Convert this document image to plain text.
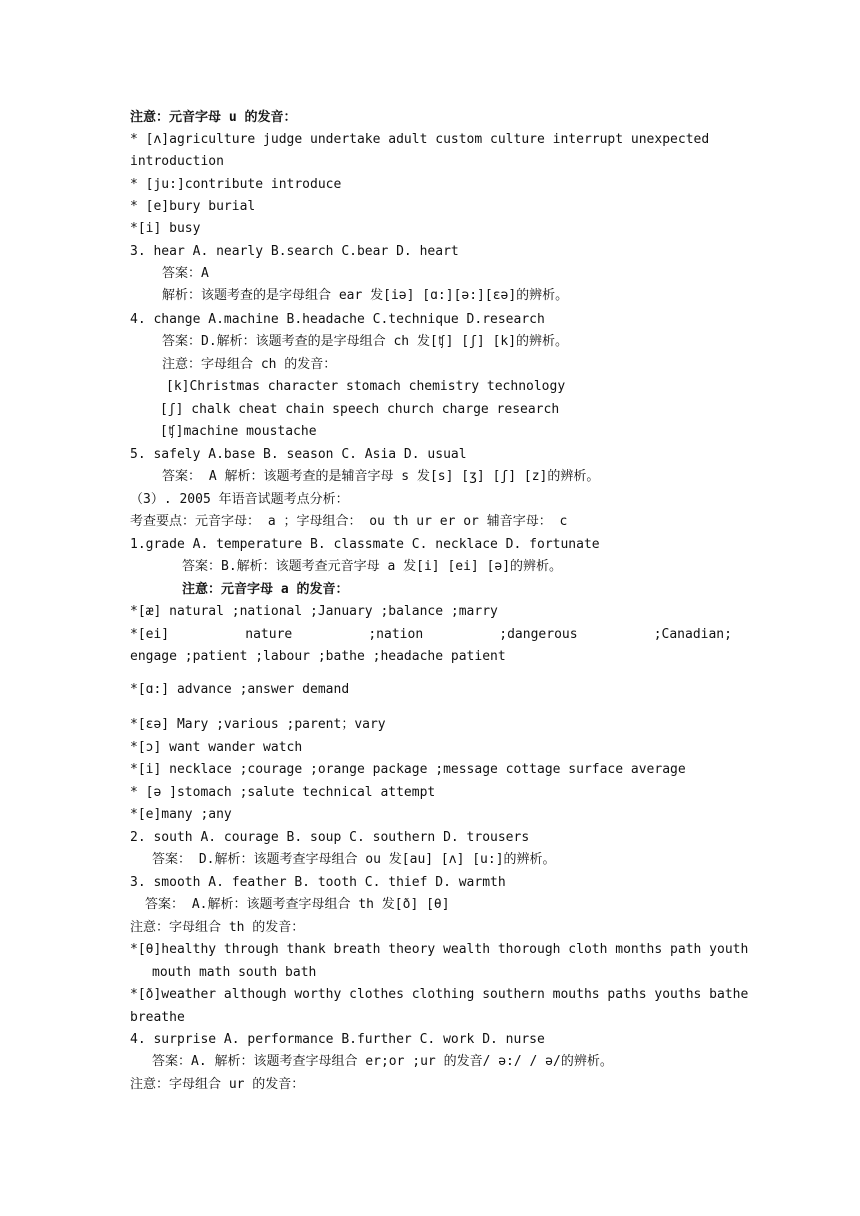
注意：元音字母 u 的发音：
* [ʌ]agriculture judge undertake adult custom culture interrupt unexpected
introduction
* [ju:]contribute introduce
* [e]bury burial
*[i] busy
3. hear A. nearly B.search C.bear D. heart
答案：A
解析：该题考查的是字母组合 ear 发[iə] [ɑ:][ə:][εə]的辨析。
4. change A.machine B.headache C.technique D.research
答案：D.解析：该题考查的是字母组合 ch 发[ʧ] [ʃ] [k]的辨析。
注意：字母组合 ch 的发音：
[k]Christmas character stomach chemistry technology
[ʃ] chalk cheat chain speech church charge research
[ʧ]machine moustache
5. safely A.base B. season C. Asia D. usual
答案： A 解析：该题考查的是辅音字母 s 发[s] [ʒ] [ʃ] [z]的辨析。
（3）. 2005 年语音试题考点分析：
考查要点：元音字母： a ；字母组合： ou th ur er or 辅音字母： c
1.grade A. temperature B. classmate C. necklace D. fortunate
答案：B.解析：该题考查元音字母 a 发[i] [ei] [ə]的辨析。
注意：元音字母 a 的发音：
*[æ] natural ;national ;January ;balance ;marry
*[ei]	nature	;nation	;dangerous	;Canadian;
engage ;patient ;labour ;bathe ;headache patient
*[ɑ:] advance ;answer demand
*[εə] Mary ;various ;parent；vary
*[ɔ] want wander watch
*[i] necklace ;courage ;orange package ;message cottage surface average
* [ə ]stomach ;salute technical attempt
*[e]many ;any
2. south A. courage B. soup C. southern D. trousers
答案： D.解析：该题考查字母组合 ou 发[au] [ʌ] [u:]的辨析。
3. smooth A. feather B. tooth C. thief D. warmth
答案： A.解析：该题考查字母组合 th 发[ð] [θ]
注意：字母组合 th 的发音：
*[θ]healthy through thank breath theory wealth thorough cloth months path youth
mouth math south bath
*[ð]weather although worthy clothes clothing southern mouths paths youths bathe
breathe
4. surprise A. performance B.further C. work D. nurse
答案：A. 解析：该题考查字母组合 er;or ;ur 的发音/ ə:/ / ə/的辨析。
注意：字母组合 ur 的发音：
